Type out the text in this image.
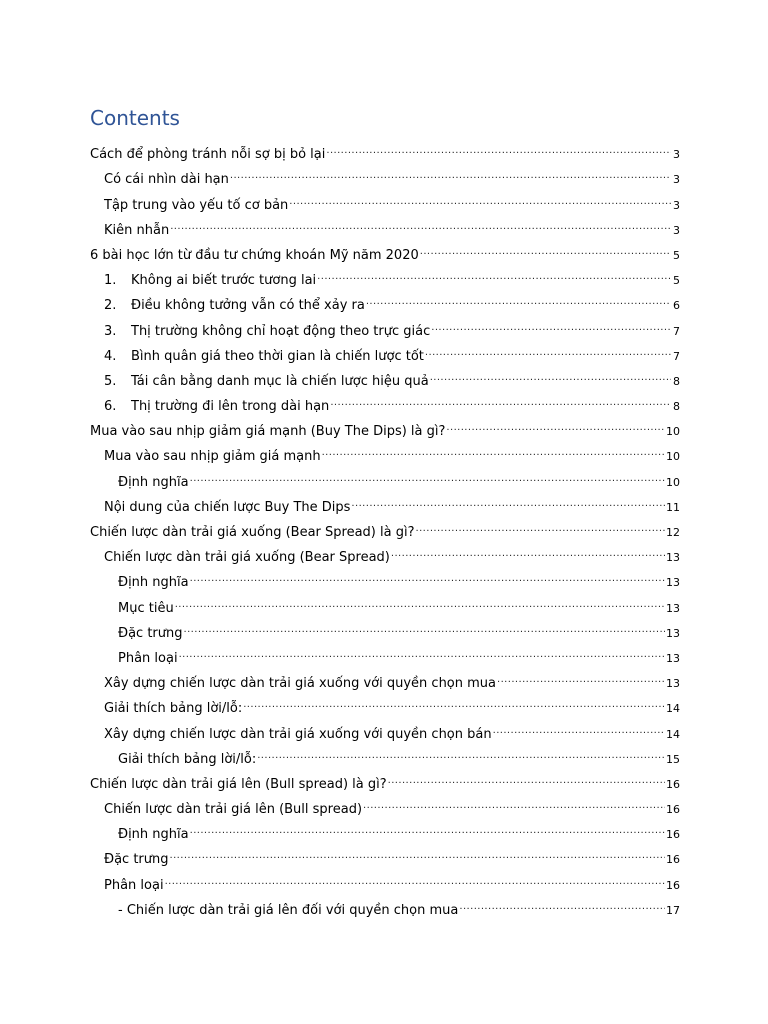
Contents
Cách để phòng tránh nỗi sợ bị bỏ lại .....	3
Có cái nhìn dài hạn .....	3
Tập trung vào yếu tố cơ bản .....	3
Kiên nhẫn .....	3
6 bài học lớn từ đầu tư chứng khoán Mỹ năm 2020 .....	5
1.	Không ai biết trước tương lai .....	5
2.	Điều không tưởng vẫn có thể xảy ra .....	6
3.	Thị trường không chỉ hoạt động theo trực giác .....	7
4.	Bình quân giá theo thời gian là chiến lược tốt .....	7
5.	Tái cân bằng danh mục là chiến lược hiệu quả .....	8
6.	Thị trường đi lên trong dài hạn .....	8
Mua vào sau nhịp giảm giá mạnh (Buy The Dips) là gì? .....	10
Mua vào sau nhịp giảm giá mạnh .....	10
Định nghĩa .....	10
Nội dung của chiến lược Buy The Dips .....	11
Chiến lược dàn trải giá xuống (Bear Spread) là gì? .....	12
Chiến lược dàn trải giá xuống (Bear Spread) .....	13
Định nghĩa .....	13
Mục tiêu .....	13
Đặc trưng .....	13
Phân loại .....	13
Xây dựng chiến lược dàn trải giá xuống với quyền chọn mua .....	13
Giải thích bảng lời/lỗ: .....	14
Xây dựng chiến lược dàn trải giá xuống với quyền chọn bán .....	14
Giải thích bảng lời/lỗ: .....	15
Chiến lược dàn trải giá lên (Bull spread) là gì? .....	16
Chiến lược dàn trải giá lên (Bull spread) .....	16
Định nghĩa .....	16
Đặc trưng .....	16
Phân loại .....	16
- Chiến lược dàn trải giá lên đối với quyền chọn mua .....	17
